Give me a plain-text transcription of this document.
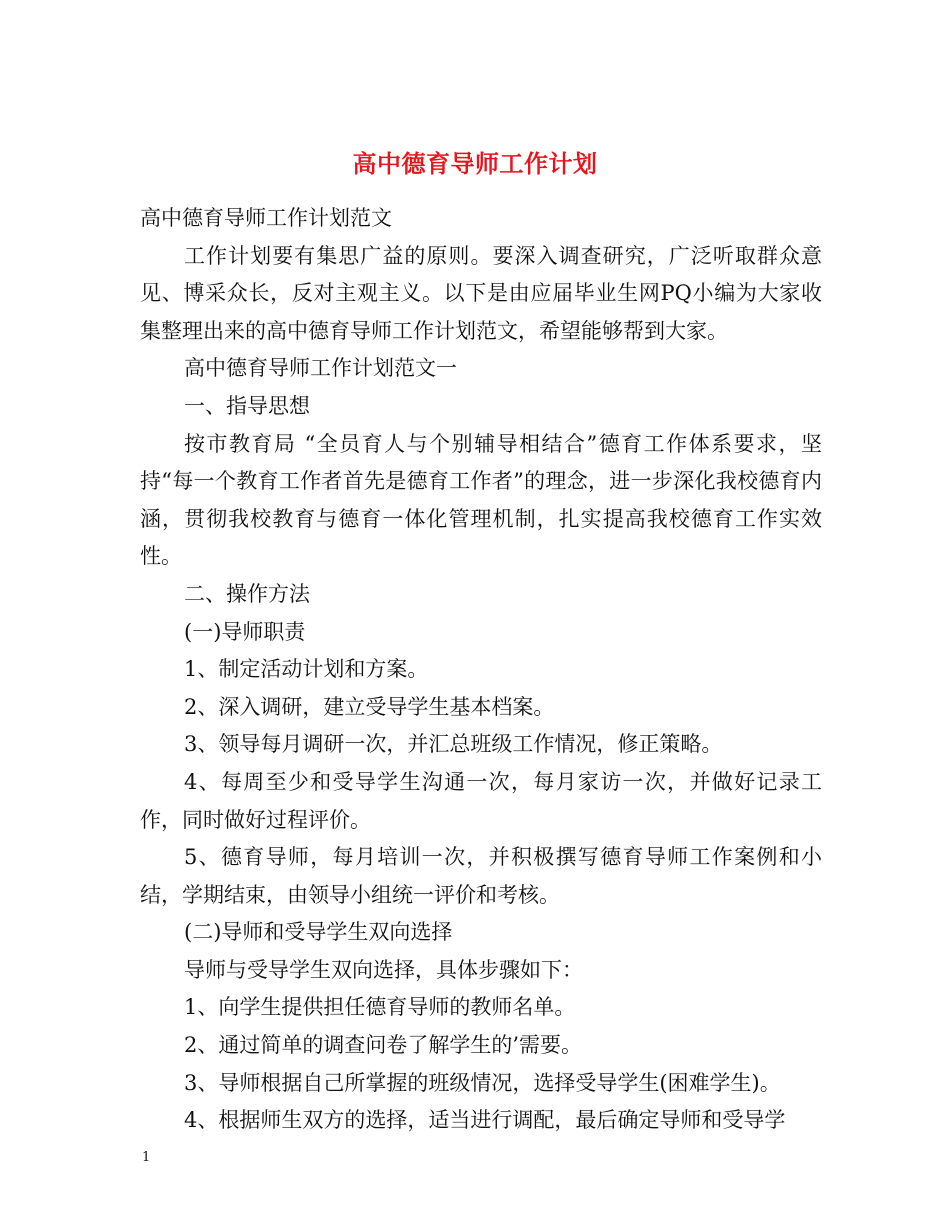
高中德育导师工作计划

高中德育导师工作计划范文

工作计划要有集思广益的原则。要深入调查研究，广泛听取群众意见、博采众长，反对主观主义。以下是由应届毕业生网PQ小编为大家收集整理出来的高中德育导师工作计划范文，希望能够帮到大家。

高中德育导师工作计划范文一

一、指导思想

按市教育局 “全员育人与个别辅导相结合”德育工作体系要求，坚持“每一个教育工作者首先是德育工作者”的理念，进一步深化我校德育内涵，贯彻我校教育与德育一体化管理机制，扎实提高我校德育工作实效性。

二、操作方法

(一)导师职责

1、制定活动计划和方案。

2、深入调研，建立受导学生基本档案。

3、领导每月调研一次，并汇总班级工作情况，修正策略。

4、每周至少和受导学生沟通一次，每月家访一次，并做好记录工作，同时做好过程评价。

5、德育导师，每月培训一次，并积极撰写德育导师工作案例和小结，学期结束，由领导小组统一评价和考核。

(二)导师和受导学生双向选择

导师与受导学生双向选择，具体步骤如下：

1、向学生提供担任德育导师的教师名单。

2、通过简单的调查问卷了解学生的’需要。

3、导师根据自己所掌握的班级情况，选择受导学生(困难学生)。

4、根据师生双方的选择，适当进行调配，最后确定导师和受导学

1
